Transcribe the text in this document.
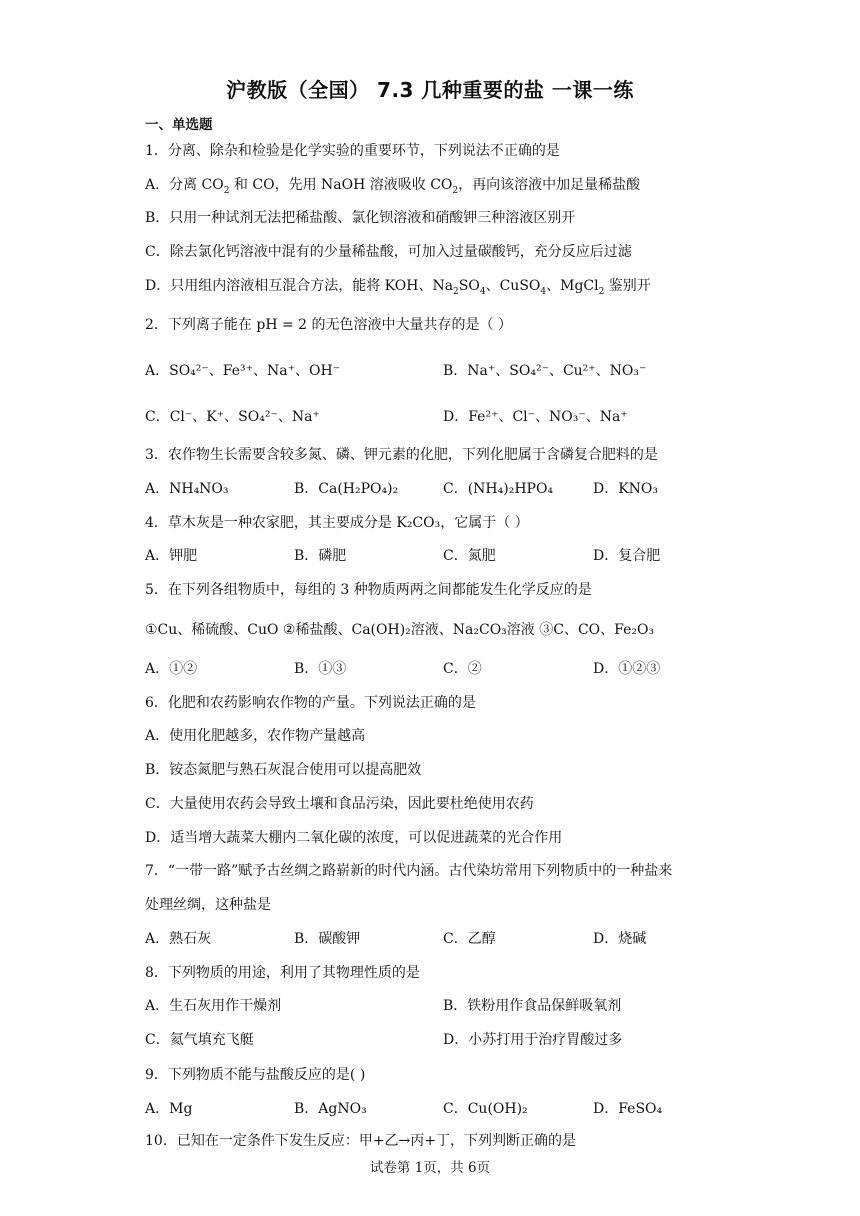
沪教版（全国） 7.3 几种重要的盐 一课一练
一、单选题
1．分离、除杂和检验是化学实验的重要环节，下列说法不正确的是
A．分离 $CO_2$ 和 CO，先用 NaOH 溶液吸收 $CO_2$，再向该溶液中加足量稀盐酸
B．只用一种试剂无法把稀盐酸、氯化钡溶液和硝酸钾三种溶液区别开
C．除去氯化钙溶液中混有的少量稀盐酸，可加入过量碳酸钙，充分反应后过滤
D．只用组内溶液相互混合方法，能将 KOH、$Na_2SO_4$、CuSO$_4$、MgCl$_2$ 鉴别开
2．下列离子能在 pH = 2 的无色溶液中大量共存的是（ ）
A．SO₄²⁻、Fe³⁺、Na⁺、OH⁻	B．Na⁺、SO₄²⁻、Cu²⁺、NO₃⁻
C．Cl⁻、K⁺、SO₄²⁻、Na⁺	D．Fe²⁺、Cl⁻、NO₃⁻、Na⁺
3．农作物生长需要含较多氮、磷、钾元素的化肥，下列化肥属于含磷复合肥料的是
A．NH₄NO₃	B．Ca(H₂PO₄)₂	C．(NH₄)₂HPO₄	D．KNO₃
4．草木灰是一种农家肥，其主要成分是 K₂CO₃，它属于（ ）
A．钾肥	B．磷肥	C．氮肥	D．复合肥
5．在下列各组物质中，每组的 3 种物质两两之间都能发生化学反应的是
①Cu、稀硫酸、CuO ②稀盐酸、Ca(OH)₂溶液、Na₂CO₃溶液 ③C、CO、Fe₂O₃
A．①②	B．①③	C．②	D．①②③
6．化肥和农药影响农作物的产量。下列说法正确的是
A．使用化肥越多，农作物产量越高
B．铵态氮肥与熟石灰混合使用可以提高肥效
C．大量使用农药会导致土壤和食品污染，因此要杜绝使用农药
D．适当增大蔬菜大棚内二氧化碳的浓度，可以促进蔬菜的光合作用
7．“一带一路”赋予古丝绸之路崭新的时代内涵。古代染坊常用下列物质中的一种盐来
处理丝绸，这种盐是
A．熟石灰	B．碳酸钾	C．乙醇	D．烧碱
8．下列物质的用途，利用了其物理性质的是
A．生石灰用作干燥剂	B．铁粉用作食品保鲜吸氧剂
C．氦气填充飞艇	D．小苏打用于治疗胃酸过多
9．下列物质不能与盐酸反应的是( )
A．Mg	B．AgNO₃	C．Cu(OH)₂	D．FeSO₄
10．已知在一定条件下发生反应：甲+乙→丙+丁，下列判断正确的是
试卷第 1页，共 6页
